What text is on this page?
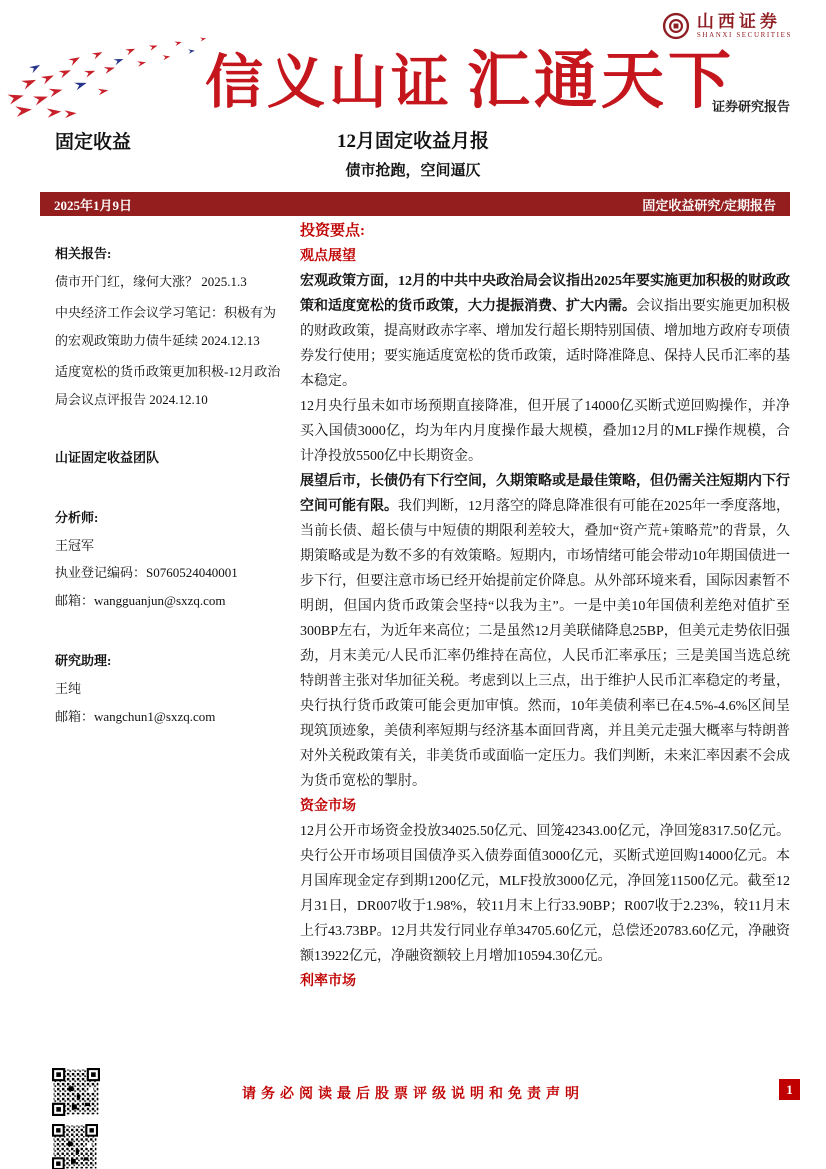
信义山证 汇通天下
山西证券
SHANXI SECURITIES
证券研究报告
固定收益	12月固定收益月报
债市抢跑，空间逼仄
2025年1月9日	固定收益研究/定期报告
相关报告:
债市开门红，缘何大涨？ 2025.1.3
中央经济工作会议学习笔记：积极有为的宏观政策助力债牛延续 2024.12.13
适度宽松的货币政策更加积极-12月政治局会议点评报告 2024.12.10
山证固定收益团队
分析师:
王冠军
执业登记编码：S0760524040001
邮箱：wangguanjun@sxzq.com
研究助理:
王纯
邮箱：wangchun1@sxzq.com
投资要点:
观点展望

宏观政策方面，12月的中共中央政治局会议指出2025年要实施更加积极的财政政策和适度宽松的货币政策，大力提振消费、扩大内需。会议指出要实施更加积极的财政政策，提高财政赤字率、增加发行超长期特别国债、增加地方政府专项债券发行使用；要实施适度宽松的货币政策，适时降准降息、保持人民币汇率的基本稳定。

12月央行虽未如市场预期直接降准，但开展了14000亿买断式逆回购操作，并净买入国债3000亿，均为年内月度操作最大规模，叠加12月的MLF操作规模，合计净投放5500亿中长期资金。

展望后市，长债仍有下行空间，久期策略或是最佳策略，但仍需关注短期内下行空间可能有限。我们判断，12月落空的降息降准很有可能在2025年一季度落地，当前长债、超长债与中短债的期限利差较大，叠加“资产荒+策略荒”的背景，久期策略或是为数不多的有效策略。短期内，市场情绪可能会带动10年期国债进一步下行，但要注意市场已经开始提前定价降息。从外部环境来看，国际因素暂不明朗，但国内货币政策会坚持“以我为主”。一是中美10年国债利差绝对值扩至300BP左右，为近年来高位；二是虽然12月美联储降息25BP，但美元走势依旧强劲，月末美元/人民币汇率仍维持在高位，人民币汇率承压；三是美国当选总统特朗普主张对华加征关税。考虑到以上三点，出于维护人民币汇率稳定的考量，央行执行货币政策可能会更加审慎。然而，10年美债利率已在4.5%-4.6%区间呈现筑顶迹象，美债利率短期与经济基本面回背离，并且美元走强大概率与特朗普对外关税政策有关，非美货币或面临一定压力。我们判断，未来汇率因素不会成为货币宽松的掣肘。

资金市场

12月公开市场资金投放34025.50亿元、回笼42343.00亿元，净回笼8317.50亿元。央行公开市场项目国债净买入债券面值3000亿元，买断式逆回购14000亿元。本月国库现金定存到期1200亿元，MLF投放3000亿元，净回笼11500亿元。截至12月31日，DR007收于1.98%，较11月末上行33.90BP；R007收于2.23%，较11月末上行43.73BP。12月共发行同业存单34705.60亿元，总偿还20783.60亿元，净融资额13922亿元，净融资额较上月增加10594.30亿元。

利率市场
请务必阅读最后股票评级说明和免责声明	1
